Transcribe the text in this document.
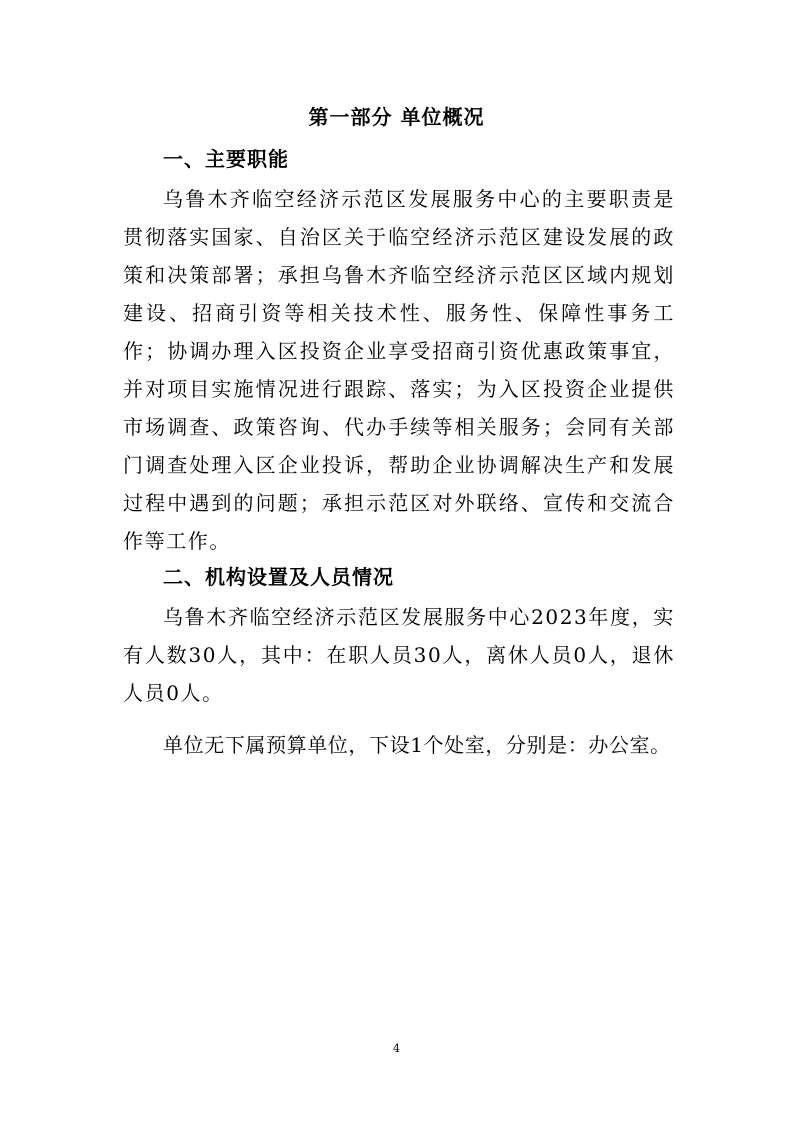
第一部分 单位概况
一、主要职能

乌鲁木齐临空经济示范区发展服务中心的主要职责是贯彻落实国家、自治区关于临空经济示范区建设发展的政策和决策部署；承担乌鲁木齐临空经济示范区区域内规划建设、招商引资等相关技术性、服务性、保障性事务工作；协调办理入区投资企业享受招商引资优惠政策事宜，并对项目实施情况进行跟踪、落实；为入区投资企业提供市场调查、政策咨询、代办手续等相关服务；会同有关部门调查处理入区企业投诉，帮助企业协调解决生产和发展过程中遇到的问题；承担示范区对外联络、宣传和交流合作等工作。

二、机构设置及人员情况

乌鲁木齐临空经济示范区发展服务中心2023年度，实有人数30人，其中：在职人员30人，离休人员0人，退休人员0人。

单位无下属预算单位，下设1个处室，分别是：办公室。

4
